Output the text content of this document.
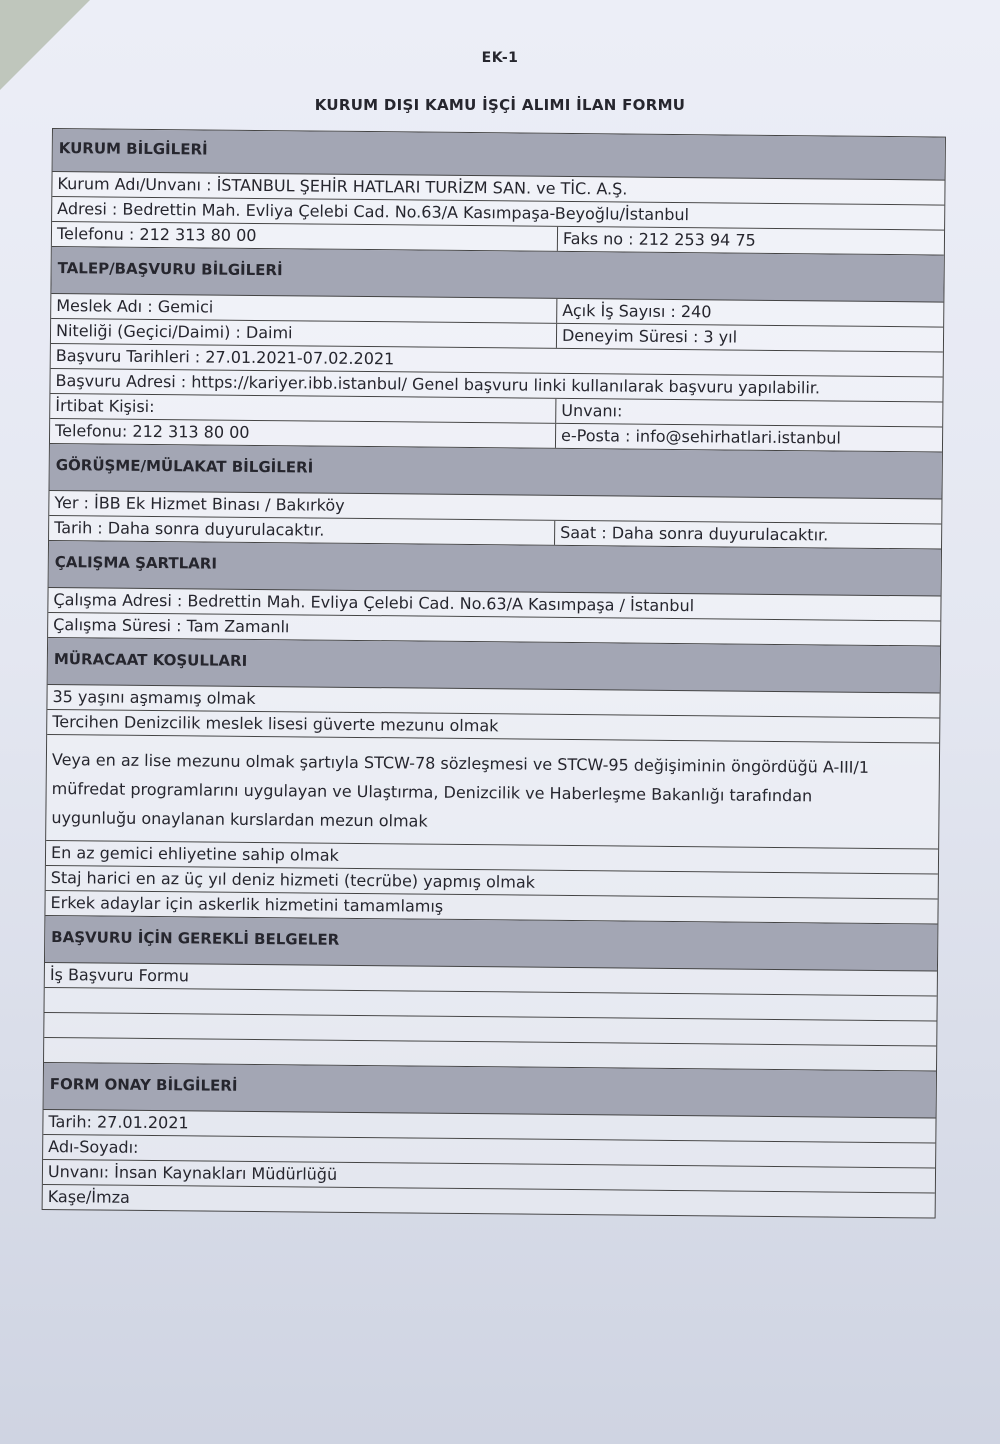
EK-1
KURUM DIŞI KAMU İŞÇİ ALIMI İLAN FORMU
KURUM BİLGİLERİ
Kurum Adı/Unvanı : İSTANBUL ŞEHİR HATLARI TURİZM SAN. ve TİC. A.Ş.
Adresi : Bedrettin Mah. Evliya Çelebi Cad. No.63/A Kasımpaşa-Beyoğlu/İstanbul
Telefonu : 212 313 80 00	Faks no : 212 253 94 75
TALEP/BAŞVURU BİLGİLERİ
Meslek Adı : Gemici	Açık İş Sayısı : 240
Niteliği (Geçici/Daimi) : Daimi	Deneyim Süresi : 3 yıl
Başvuru Tarihleri : 27.01.2021-07.02.2021
Başvuru Adresi : https://kariyer.ibb.istanbul/ Genel başvuru linki kullanılarak başvuru yapılabilir.
İrtibat Kişisi:	Unvanı:
Telefonu: 212 313 80 00	e-Posta : info@sehirhatlari.istanbul
GÖRÜŞME/MÜLAKAT BİLGİLERİ
Yer : İBB Ek Hizmet Binası / Bakırköy
Tarih : Daha sonra duyurulacaktır.	Saat : Daha sonra duyurulacaktır.
ÇALIŞMA ŞARTLARI
Çalışma Adresi : Bedrettin Mah. Evliya Çelebi Cad. No.63/A Kasımpaşa / İstanbul
Çalışma Süresi : Tam Zamanlı
MÜRACAAT KOŞULLARI
35 yaşını aşmamış olmak
Tercihen Denizcilik meslek lisesi güverte mezunu olmak
Veya en az lise mezunu olmak şartıyla STCW-78 sözleşmesi ve STCW-95 değişiminin öngördüğü A-III/1 müfredat programlarını uygulayan ve Ulaştırma, Denizcilik ve Haberleşme Bakanlığı tarafından uygunluğu onaylanan kurslardan mezun olmak
En az gemici ehliyetine sahip olmak
Staj harici en az üç yıl deniz hizmeti (tecrübe) yapmış olmak
Erkek adaylar için askerlik hizmetini tamamlamış
BAŞVURU İÇİN GEREKLİ BELGELER
İş Başvuru Formu
FORM ONAY BİLGİLERİ
Tarih: 27.01.2021
Adı-Soyadı:
Unvanı: İnsan Kaynakları Müdürlüğü
Kaşe/İmza
